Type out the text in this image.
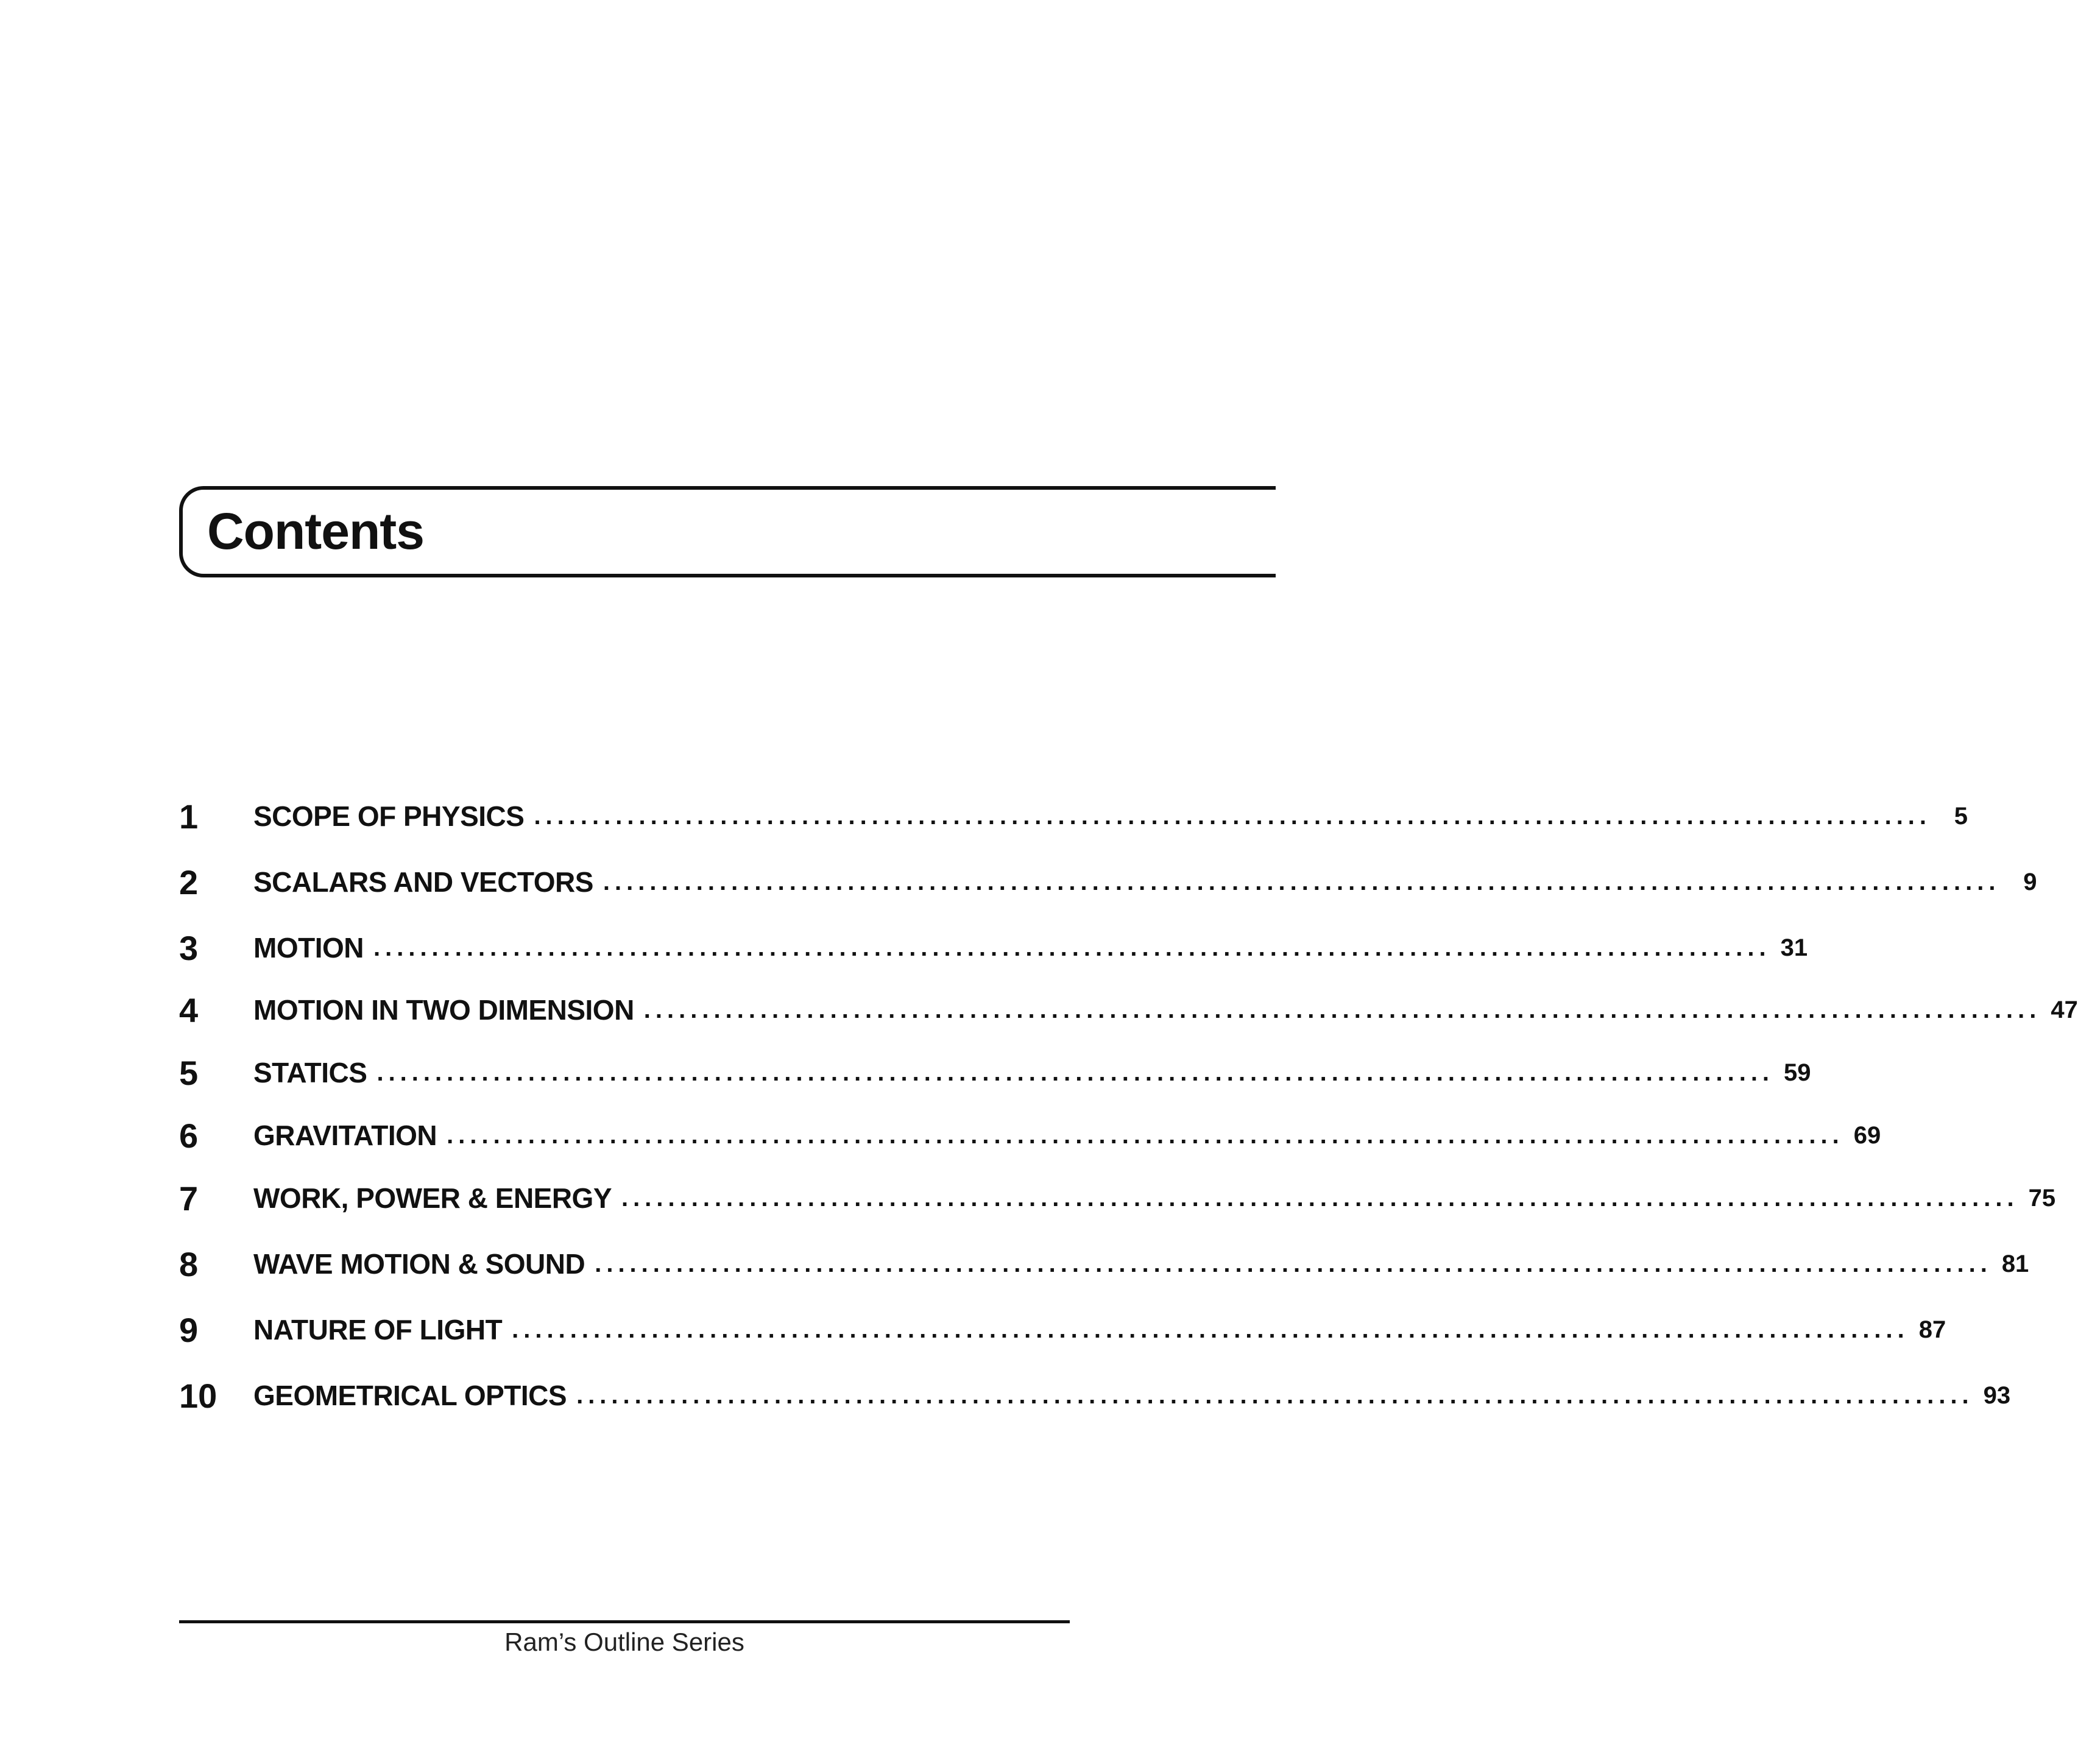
Contents
1	SCOPE OF PHYSICS ........................................................................................................................ 5
2	SCALARS AND VECTORS ........................................................................................................................ 9
3	MOTION ........................................................................................................................ 31
4	MOTION IN TWO DIMENSION ........................................................................................................................ 47
5	STATICS ........................................................................................................................ 59
6	GRAVITATION ........................................................................................................................ 69
7	WORK, POWER & ENERGY ........................................................................................................................ 75
8	WAVE MOTION & SOUND ........................................................................................................................ 81
9	NATURE OF LIGHT ........................................................................................................................ 87
10	GEOMETRICAL OPTICS ........................................................................................................................ 93
Ram’s Outline Series
